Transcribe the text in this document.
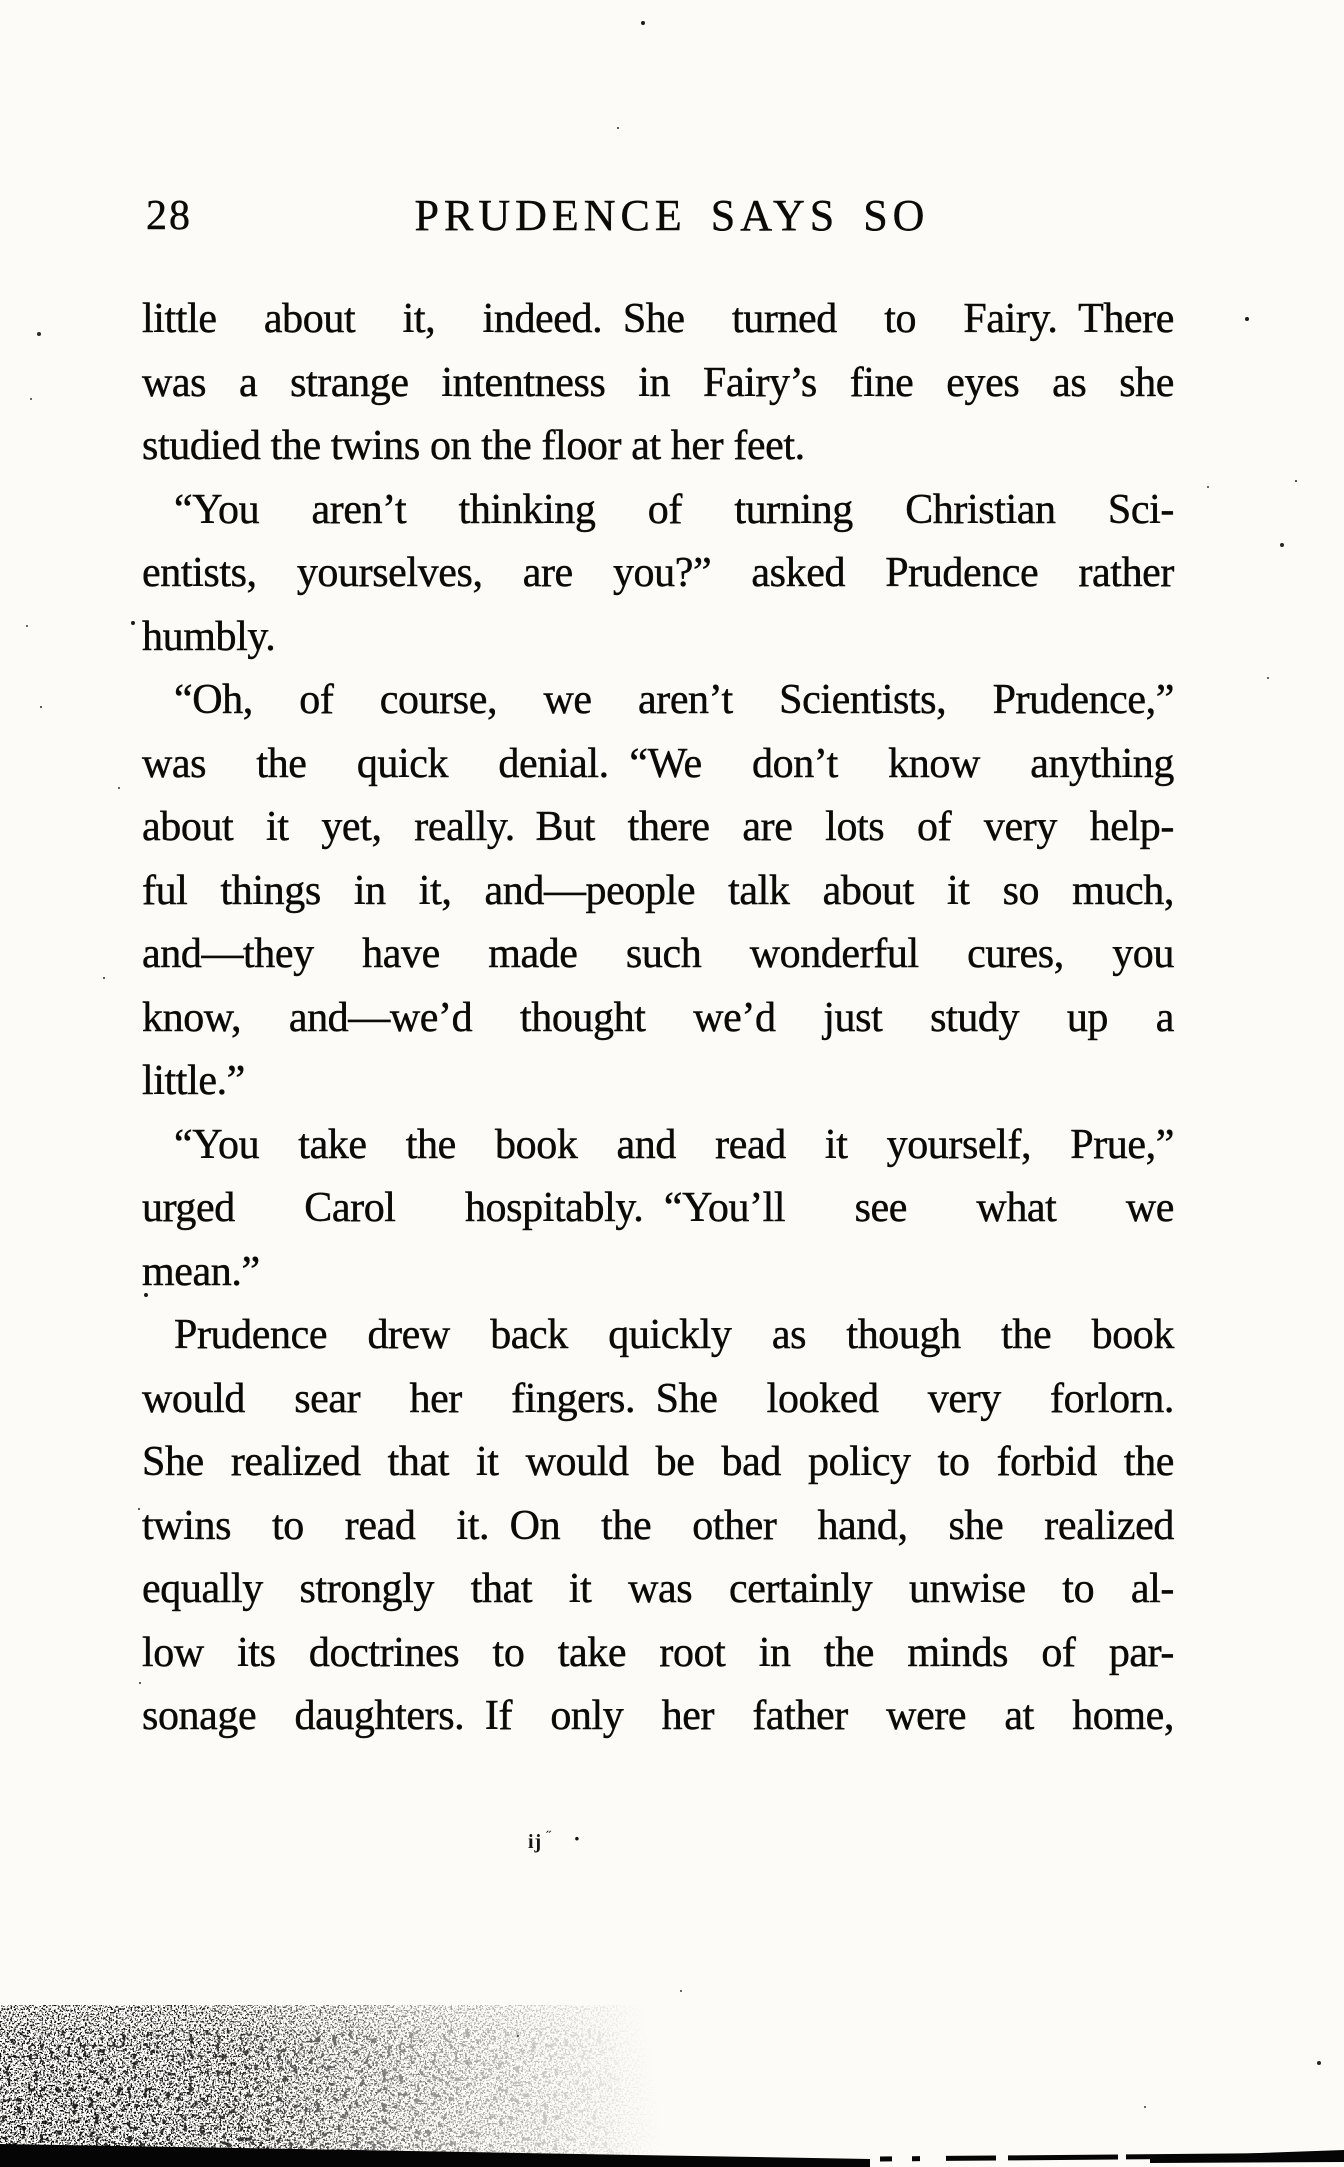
28	PRUDENCE SAYS SO
little about it, indeed. She turned to Fairy. There
was a strange intentness in Fairy’s fine eyes as she
studied the twins on the floor at her feet.
“You aren’t thinking of turning Christian Sci-
entists, yourselves, are you?” asked Prudence rather
humbly.
“Oh, of course, we aren’t Scientists, Prudence,”
was the quick denial. “We don’t know anything
about it yet, really. But there are lots of very help-
ful things in it, and—people talk about it so much,
and—they have made such wonderful cures, you
know, and—we’d thought we’d just study up a
little.”
“You take the book and read it yourself, Prue,”
urged Carol hospitably. “You’ll see what we
mean.”
Prudence drew back quickly as though the book
would sear her fingers. She looked very forlorn.
She realized that it would be bad policy to forbid the
twins to read it. On the other hand, she realized
equally strongly that it was certainly unwise to al-
low its doctrines to take root in the minds of par-
sonage daughters. If only her father were at home,
ij ˝ ·
